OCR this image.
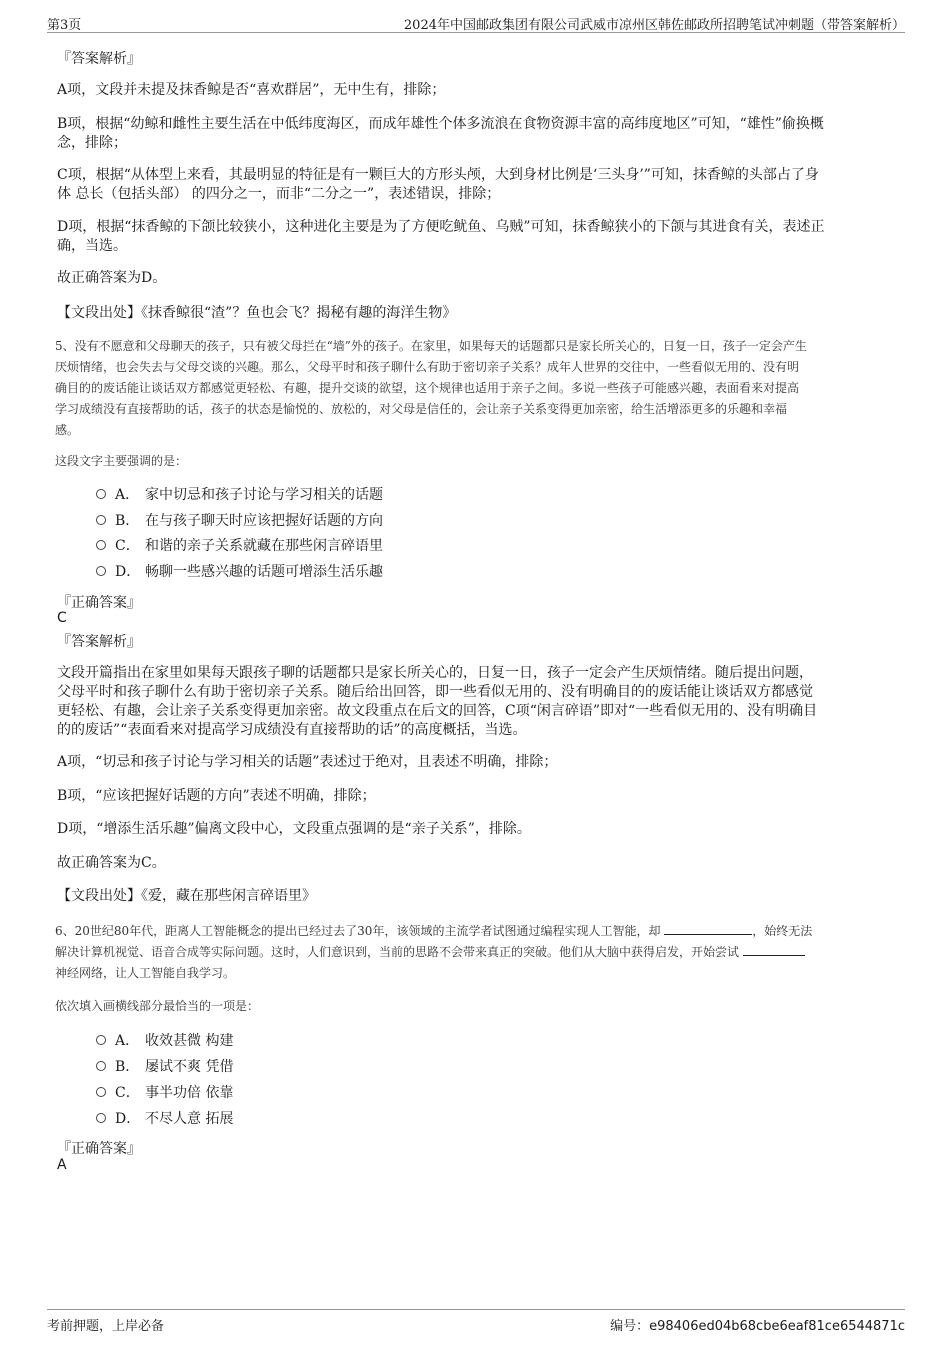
第3页	2024年中国邮政集团有限公司武威市凉州区韩佐邮政所招聘笔试冲刺题（带答案解析）
『答案解析』
A项，文段并未提及抹香鲸是否“喜欢群居”，无中生有，排除；
B项，根据“幼鲸和雌性主要生活在中低纬度海区，而成年雄性个体多流浪在食物资源丰富的高纬度地区”可知，“雄性”偷换概
念，排除；
C项，根据“从体型上来看，其最明显的特征是有一颗巨大的方形头颅，大到身材比例是‘三头身’”可知，抹香鲸的头部占了身
体 总长（包括头部） 的四分之一，而非“二分之一”，表述错误，排除；
D项，根据“抹香鲸的下颌比较狭小，这种进化主要是为了方便吃鱿鱼、乌贼”可知，抹香鲸狭小的下颌与其进食有关，表述正
确，当选。
故正确答案为D。
【文段出处】《抹香鲸很“渣”？鱼也会飞？揭秘有趣的海洋生物》
5、没有不愿意和父母聊天的孩子，只有被父母拦在“墙”外的孩子。在家里，如果每天的话题都只是家长所关心的，日复一日，孩子一定会产生
厌烦情绪，也会失去与父母交谈的兴趣。那么，父母平时和孩子聊什么有助于密切亲子关系？成年人世界的交往中，一些看似无用的、没有明
确目的的废话能让谈话双方都感觉更轻松、有趣，提升交谈的欲望，这个规律也适用于亲子之间。多说一些孩子可能感兴趣，表面看来对提高
学习成绩没有直接帮助的话，孩子的状态是愉悦的、放松的，对父母是信任的，会让亲子关系变得更加亲密，给生活增添更多的乐趣和幸福
感。
这段文字主要强调的是：
A． 家中切忌和孩子讨论与学习相关的话题
B． 在与孩子聊天时应该把握好话题的方向
C． 和谐的亲子关系就藏在那些闲言碎语里
D． 畅聊一些感兴趣的话题可增添生活乐趣
『正确答案』
C
『答案解析』
文段开篇指出在家里如果每天跟孩子聊的话题都只是家长所关心的，日复一日，孩子一定会产生厌烦情绪。随后提出问题，
父母平时和孩子聊什么有助于密切亲子关系。随后给出回答，即一些看似无用的、没有明确目的的废话能让谈话双方都感觉
更轻松、有趣，会让亲子关系变得更加亲密。故文段重点在后文的回答，C项“闲言碎语”即对“一些看似无用的、没有明确目
的的废话”“表面看来对提高学习成绩没有直接帮助的话”的高度概括，当选。
A项，“切忌和孩子讨论与学习相关的话题”表述过于绝对，且表述不明确，排除；
B项，“应该把握好话题的方向”表述不明确，排除；
D项，“增添生活乐趣”偏离文段中心，文段重点强调的是“亲子关系”，排除。
故正确答案为C。
【文段出处】《爱，藏在那些闲言碎语里》
6、20世纪80年代，距离人工智能概念的提出已经过去了30年，该领域的主流学者试图通过编程实现人工智能，却	，始终无法
解决计算机视觉、语音合成等实际问题。这时，人们意识到，当前的思路不会带来真正的突破。他们从大脑中获得启发，开始尝试
神经网络，让人工智能自我学习。
依次填入画横线部分最恰当的一项是：
A． 收效甚微 构建
B． 屡试不爽 凭借
C． 事半功倍 依靠
D． 不尽人意 拓展
『正确答案』
A
考前押题，上岸必备	编号：e98406ed04b68cbe6eaf81ce6544871c
